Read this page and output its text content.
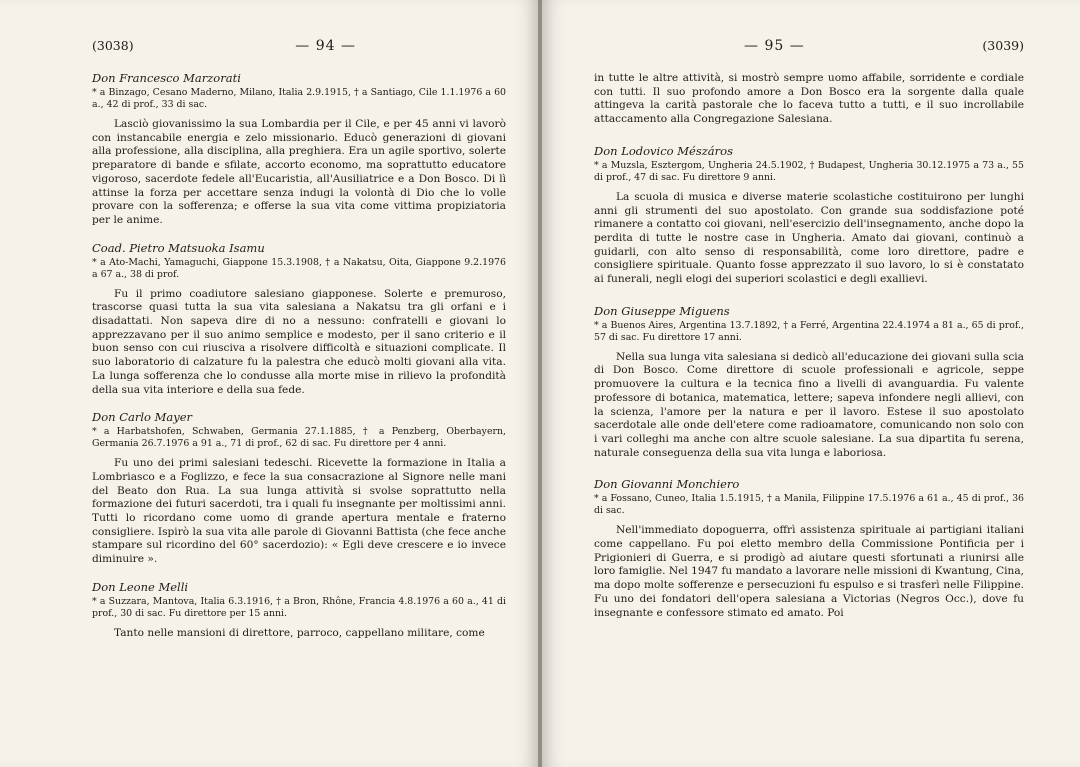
(3038)	— 94 —

Don Francesco Marzorati

* a Binzago, Cesano Maderno, Milano, Italia 2.9.1915, † a Santiago, Cile 1.1.1976 a 60 a., 42 di prof., 33 di sac.

Lasciò giovanissimo la sua Lombardia per il Cile, e per 45 anni vi lavorò con instancabile energia e zelo missionario. Educò generazioni di giovani alla professione, alla disciplina, alla preghiera. Era un agile sportivo, solerte preparatore di bande e sfilate, accorto economo, ma soprattutto educatore vigoroso, sacerdote fedele all'Eucaristia, all'Ausiliatrice e a Don Bosco. Di lì attinse la forza per accettare senza indugi la volontà di Dio che lo volle provare con la sofferenza; e offerse la sua vita come vittima propiziatoria per le anime.

Coad. Pietro Matsuoka Isamu

* a Ato-Machi, Yamaguchi, Giappone 15.3.1908, † a Nakatsu, Oita, Giappone 9.2.1976 a 67 a., 38 di prof.

Fu il primo coadiutore salesiano giapponese. Solerte e premuroso, trascorse quasi tutta la sua vita salesiana a Nakatsu tra gli orfani e i disadattati. Non sapeva dire di no a nessuno: confratelli e giovani lo apprezzavano per il suo animo semplice e modesto, per il sano criterio e il buon senso con cui riusciva a risolvere difficoltà e situazioni complicate. Il suo laboratorio di calzature fu la palestra che educò molti giovani alla vita. La lunga sofferenza che lo condusse alla morte mise in rilievo la profondità della sua vita interiore e della sua fede.

Don Carlo Mayer

* a Harbatshofen, Schwaben, Germania 27.1.1885, † a Penzberg, Oberbayern, Germania 26.7.1976 a 91 a., 71 di prof., 62 di sac. Fu direttore per 4 anni.

Fu uno dei primi salesiani tedeschi. Ricevette la formazione in Italia a Lombriasco e a Foglizzo, e fece la sua consacrazione al Signore nelle mani del Beato don Rua. La sua lunga attività si svolse soprattutto nella formazione dei futuri sacerdoti, tra i quali fu insegnante per moltissimi anni. Tutti lo ricordano come uomo di grande apertura mentale e fraterno consigliere. Ispirò la sua vita alle parole di Giovanni Battista (che fece anche stampare sul ricordino del 60° sacerdozio): « Egli deve crescere e io invece diminuire ».

Don Leone Melli

* a Suzzara, Mantova, Italia 6.3.1916, † a Bron, Rhône, Francia 4.8.1976 a 60 a., 41 di prof., 30 di sac. Fu direttore per 15 anni.

Tanto nelle mansioni di direttore, parroco, cappellano militare, come

— 95 —	(3039)

in tutte le altre attività, si mostrò sempre uomo affabile, sorridente e cordiale con tutti. Il suo profondo amore a Don Bosco era la sorgente dalla quale attingeva la carità pastorale che lo faceva tutto a tutti, e il suo incrollabile attaccamento alla Congregazione Salesiana.

Don Lodovico Mészáros

* a Muzsla, Esztergom, Ungheria 24.5.1902, † Budapest, Ungheria 30.12.1975 a 73 a., 55 di prof., 47 di sac. Fu direttore 9 anni.

La scuola di musica e diverse materie scolastiche costituirono per lunghi anni gli strumenti del suo apostolato. Con grande sua soddisfazione poté rimanere a contatto coi giovani, nell'esercizio dell'insegnamento, anche dopo la perdita di tutte le nostre case in Ungheria. Amato dai giovani, continuò a guidarli, con alto senso di responsabilità, come loro direttore, padre e consigliere spirituale. Quanto fosse apprezzato il suo lavoro, lo si è constatato ai funerali, negli elogi dei superiori scolastici e degli exallievi.

Don Giuseppe Miguens

* a Buenos Aires, Argentina 13.7.1892, † a Ferré, Argentina 22.4.1974 a 81 a., 65 di prof., 57 di sac. Fu direttore 17 anni.

Nella sua lunga vita salesiana si dedicò all'educazione dei giovani sulla scia di Don Bosco. Come direttore di scuole professionali e agricole, seppe promuovere la cultura e la tecnica fino a livelli di avanguardia. Fu valente professore di botanica, matematica, lettere; sapeva infondere negli allievi, con la scienza, l'amore per la natura e per il lavoro. Estese il suo apostolato sacerdotale alle onde dell'etere come radioamatore, comunicando non solo con i vari colleghi ma anche con altre scuole salesiane. La sua dipartita fu serena, naturale conseguenza della sua vita lunga e laboriosa.

Don Giovanni Monchiero

* a Fossano, Cuneo, Italia 1.5.1915, † a Manila, Filippine 17.5.1976 a 61 a., 45 di prof., 36 di sac.

Nell'immediato dopoguerra, offrì assistenza spirituale ai partigiani italiani come cappellano. Fu poi eletto membro della Commissione Pontificia per i Prigionieri di Guerra, e si prodigò ad aiutare questi sfortunati a riunirsi alle loro famiglie. Nel 1947 fu mandato a lavorare nelle missioni di Kwantung, Cina, ma dopo molte sofferenze e persecuzioni fu espulso e si trasferì nelle Filippine. Fu uno dei fondatori dell'opera salesiana a Victorias (Negros Occ.), dove fu insegnante e confessore stimato ed amato. Poi
